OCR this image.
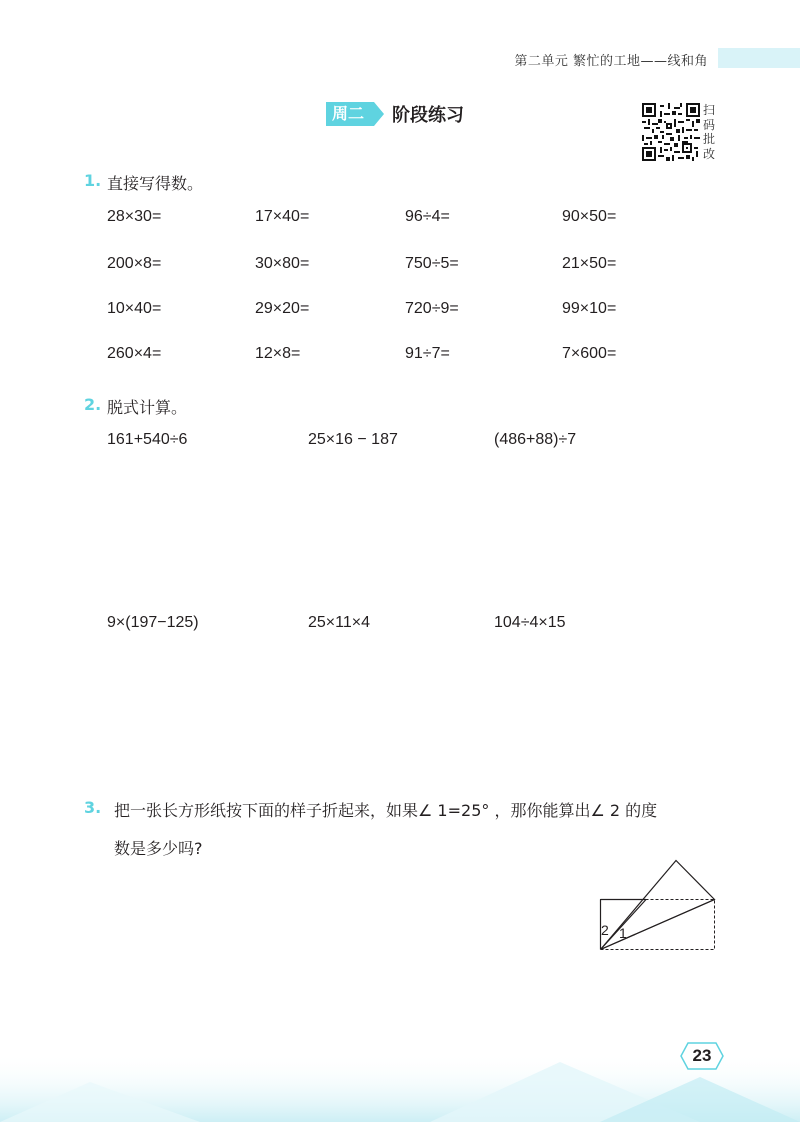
第二单元 繁忙的工地——线和角
周二	阶段练习	扫
码
批
改
1. 直接写得数。
28×30=	17×40=	96÷4=	90×50=
200×8=	30×80=	750÷5=	21×50=
10×40=	29×20=	720÷9=	99×10=
260×4=	12×8=	91÷7=	7×600=
2. 脱式计算。
161+540÷6	25×16 − 187	(486+88)÷7
9×(197−125)	25×11×4	104÷4×15
3. 把一张长方形纸按下面的样子折起来，如果∠ 1=25° ，那你能算出∠ 2 的度
数是多少吗?
2 1
23
